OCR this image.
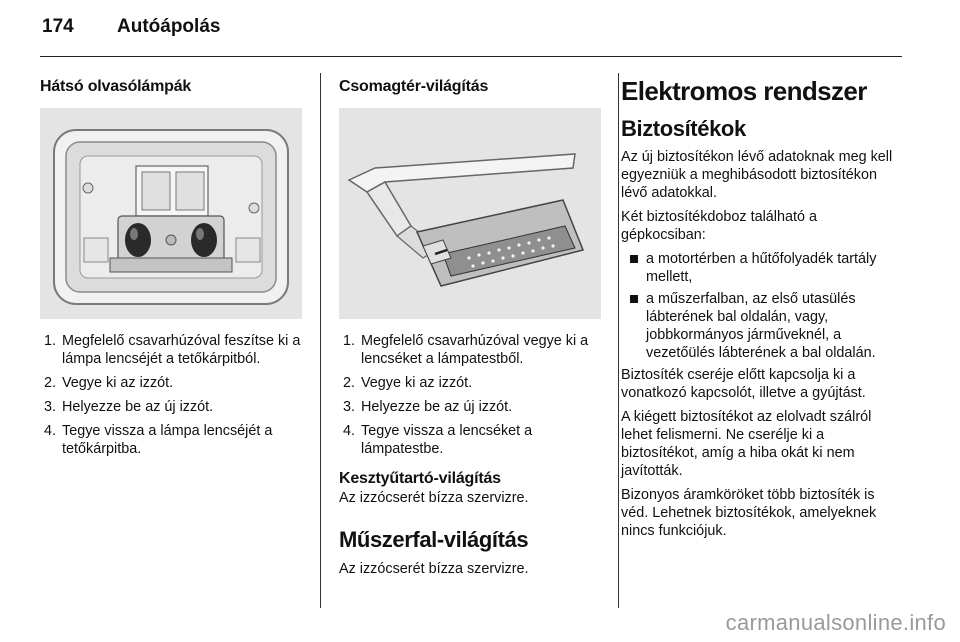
174 Autóápolás
Hátsó olvasólámpák
1. Megfelelő csavarhúzóval feszítse ki a lámpa lencséjét a tetőkárpitból.
2. Vegye ki az izzót.
3. Helyezze be az új izzót.
4. Tegye vissza a lámpa lencséjét a tetőkárpitba.
Csomagtér-világítás
1. Megfelelő csavarhúzóval vegye ki a lencséket a lámpatestből.
2. Vegye ki az izzót.
3. Helyezze be az új izzót.
4. Tegye vissza a lencséket a lámpatestbe.
Kesztyűtartó-világítás
Az izzócserét bízza szervizre.
Műszerfal-világítás
Az izzócserét bízza szervizre.
Elektromos rendszer
Biztosítékok

Az új biztosítékon lévő adatoknak meg kell egyezniük a meghibásodott biztosítékon lévő adatokkal.

Két biztosítékdoboz található a gépkocsiban:

a motortérben a hűtőfolyadék tartály mellett,
a műszerfalban, az első utasülés lábterének bal oldalán, vagy, jobbkormányos járműveknél, a vezetőülés lábterének a bal oldalán.

Biztosíték cseréje előtt kapcsolja ki a vonatkozó kapcsolót, illetve a gyújtást.

A kiégett biztosítékot az elolvadt szálról lehet felismerni. Ne cserélje ki a biztosítékot, amíg a hiba okát ki nem javították.

Bizonyos áramköröket több biztosíték is véd. Lehetnek biztosítékok, amelyeknek nincs funkciójuk.

carmanualsonline.info
